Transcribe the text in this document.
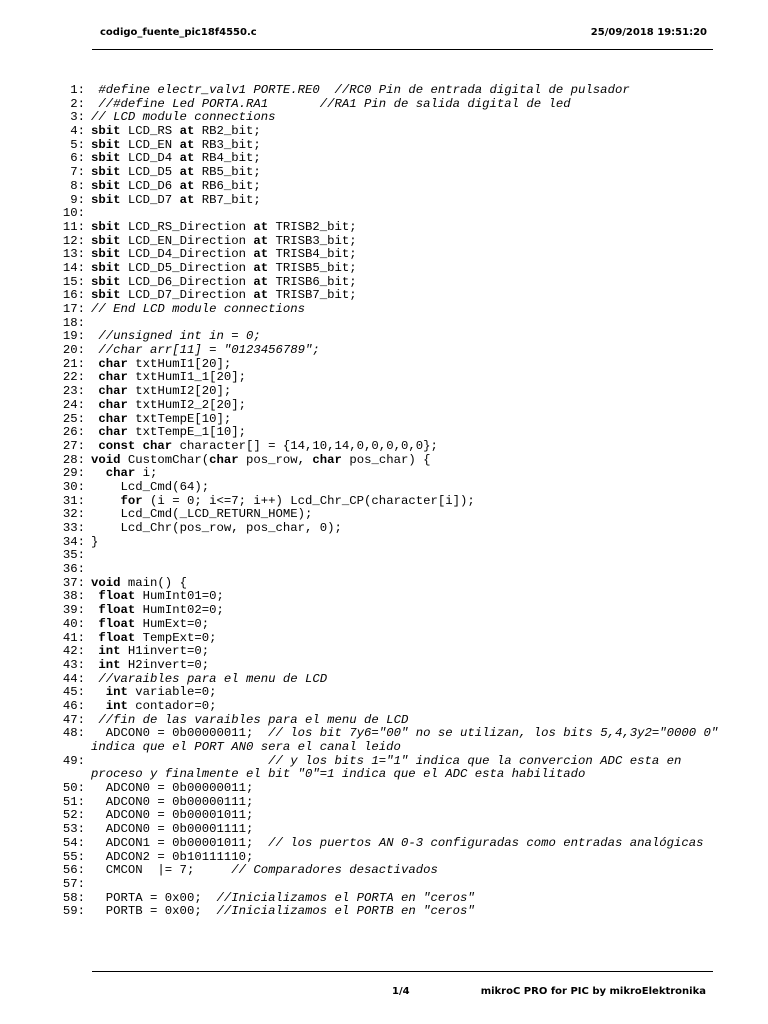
codigo_fuente_pic18f4550.c	25/09/2018 19:51:20
1:	#define electr_valv1 PORTE.RE0  //RC0 Pin de entrada digital de pulsador
2:	//#define Led PORTA.RA1       //RA1 Pin de salida digital de led
3: // LCD module connections
4: sbit LCD_RS at RB2_bit;
5: sbit LCD_EN at RB3_bit;
6: sbit LCD_D4 at RB4_bit;
7: sbit LCD_D5 at RB5_bit;
8: sbit LCD_D6 at RB6_bit;
9: sbit LCD_D7 at RB7_bit;
10:
11: sbit LCD_RS_Direction at TRISB2_bit;
12: sbit LCD_EN_Direction at TRISB3_bit;
13: sbit LCD_D4_Direction at TRISB4_bit;
14: sbit LCD_D5_Direction at TRISB5_bit;
15: sbit LCD_D6_Direction at TRISB6_bit;
16: sbit LCD_D7_Direction at TRISB7_bit;
17: // End LCD module connections
18:
19:	//unsigned int in = 0;
20:	//char arr[11] = "0123456789";
21:	char txtHumI1[20];
22:	char txtHumI1_1[20];
23:	char txtHumI2[20];
24:	char txtHumI2_2[20];
25:	char txtTempE[10];
26:	char txtTempE_1[10];
27:	const char character[] = {14,10,14,0,0,0,0,0};
28: void CustomChar(char pos_row, char pos_char) {
29:	char i;
30: Lcd_Cmd(64);
31:	for (i = 0; i<=7; i++) Lcd_Chr_CP(character[i]);
32: Lcd_Cmd(_LCD_RETURN_HOME);
33: Lcd_Chr(pos_row, pos_char, 0);
34: }
35:
36:
37: void main() {
38:	float HumInt01=0;
39:	float HumInt02=0;
40:	float HumExt=0;
41:	float TempExt=0;
42:	int H1invert=0;
43:	int H2invert=0;
44:	//varaibles para el menu de LCD
45:	int variable=0;
46:	int contador=0;
47:	//fin de las varaibles para el menu de LCD
48: ADCON0 = 0b00000011;  // los bit 7y6="00" no se utilizan, los bits 5,4,3y2="0000 0" indica que el PORT AN0 sera el canal leido
49:	// y los bits 1="1" indica que la convercion ADC esta en proceso y finalmente el bit "0"=1 indica que el ADC esta habilitado
50: ADCON0 = 0b00000011;
51: ADCON0 = 0b00000111;
52: ADCON0 = 0b00001011;
53: ADCON0 = 0b00001111;
54: ADCON1 = 0b00001011;  // los puertos AN 0-3 configuradas como entradas analógicas
55: ADCON2 = 0b10111110;
56: CMCON  |= 7;     // Comparadores desactivados
57:
58: PORTA = 0x00;  //Inicializamos el PORTA en "ceros"
59: PORTB = 0x00;  //Inicializamos el PORTB en "ceros"
1/4	mikroC PRO for PIC by mikroElektronika
